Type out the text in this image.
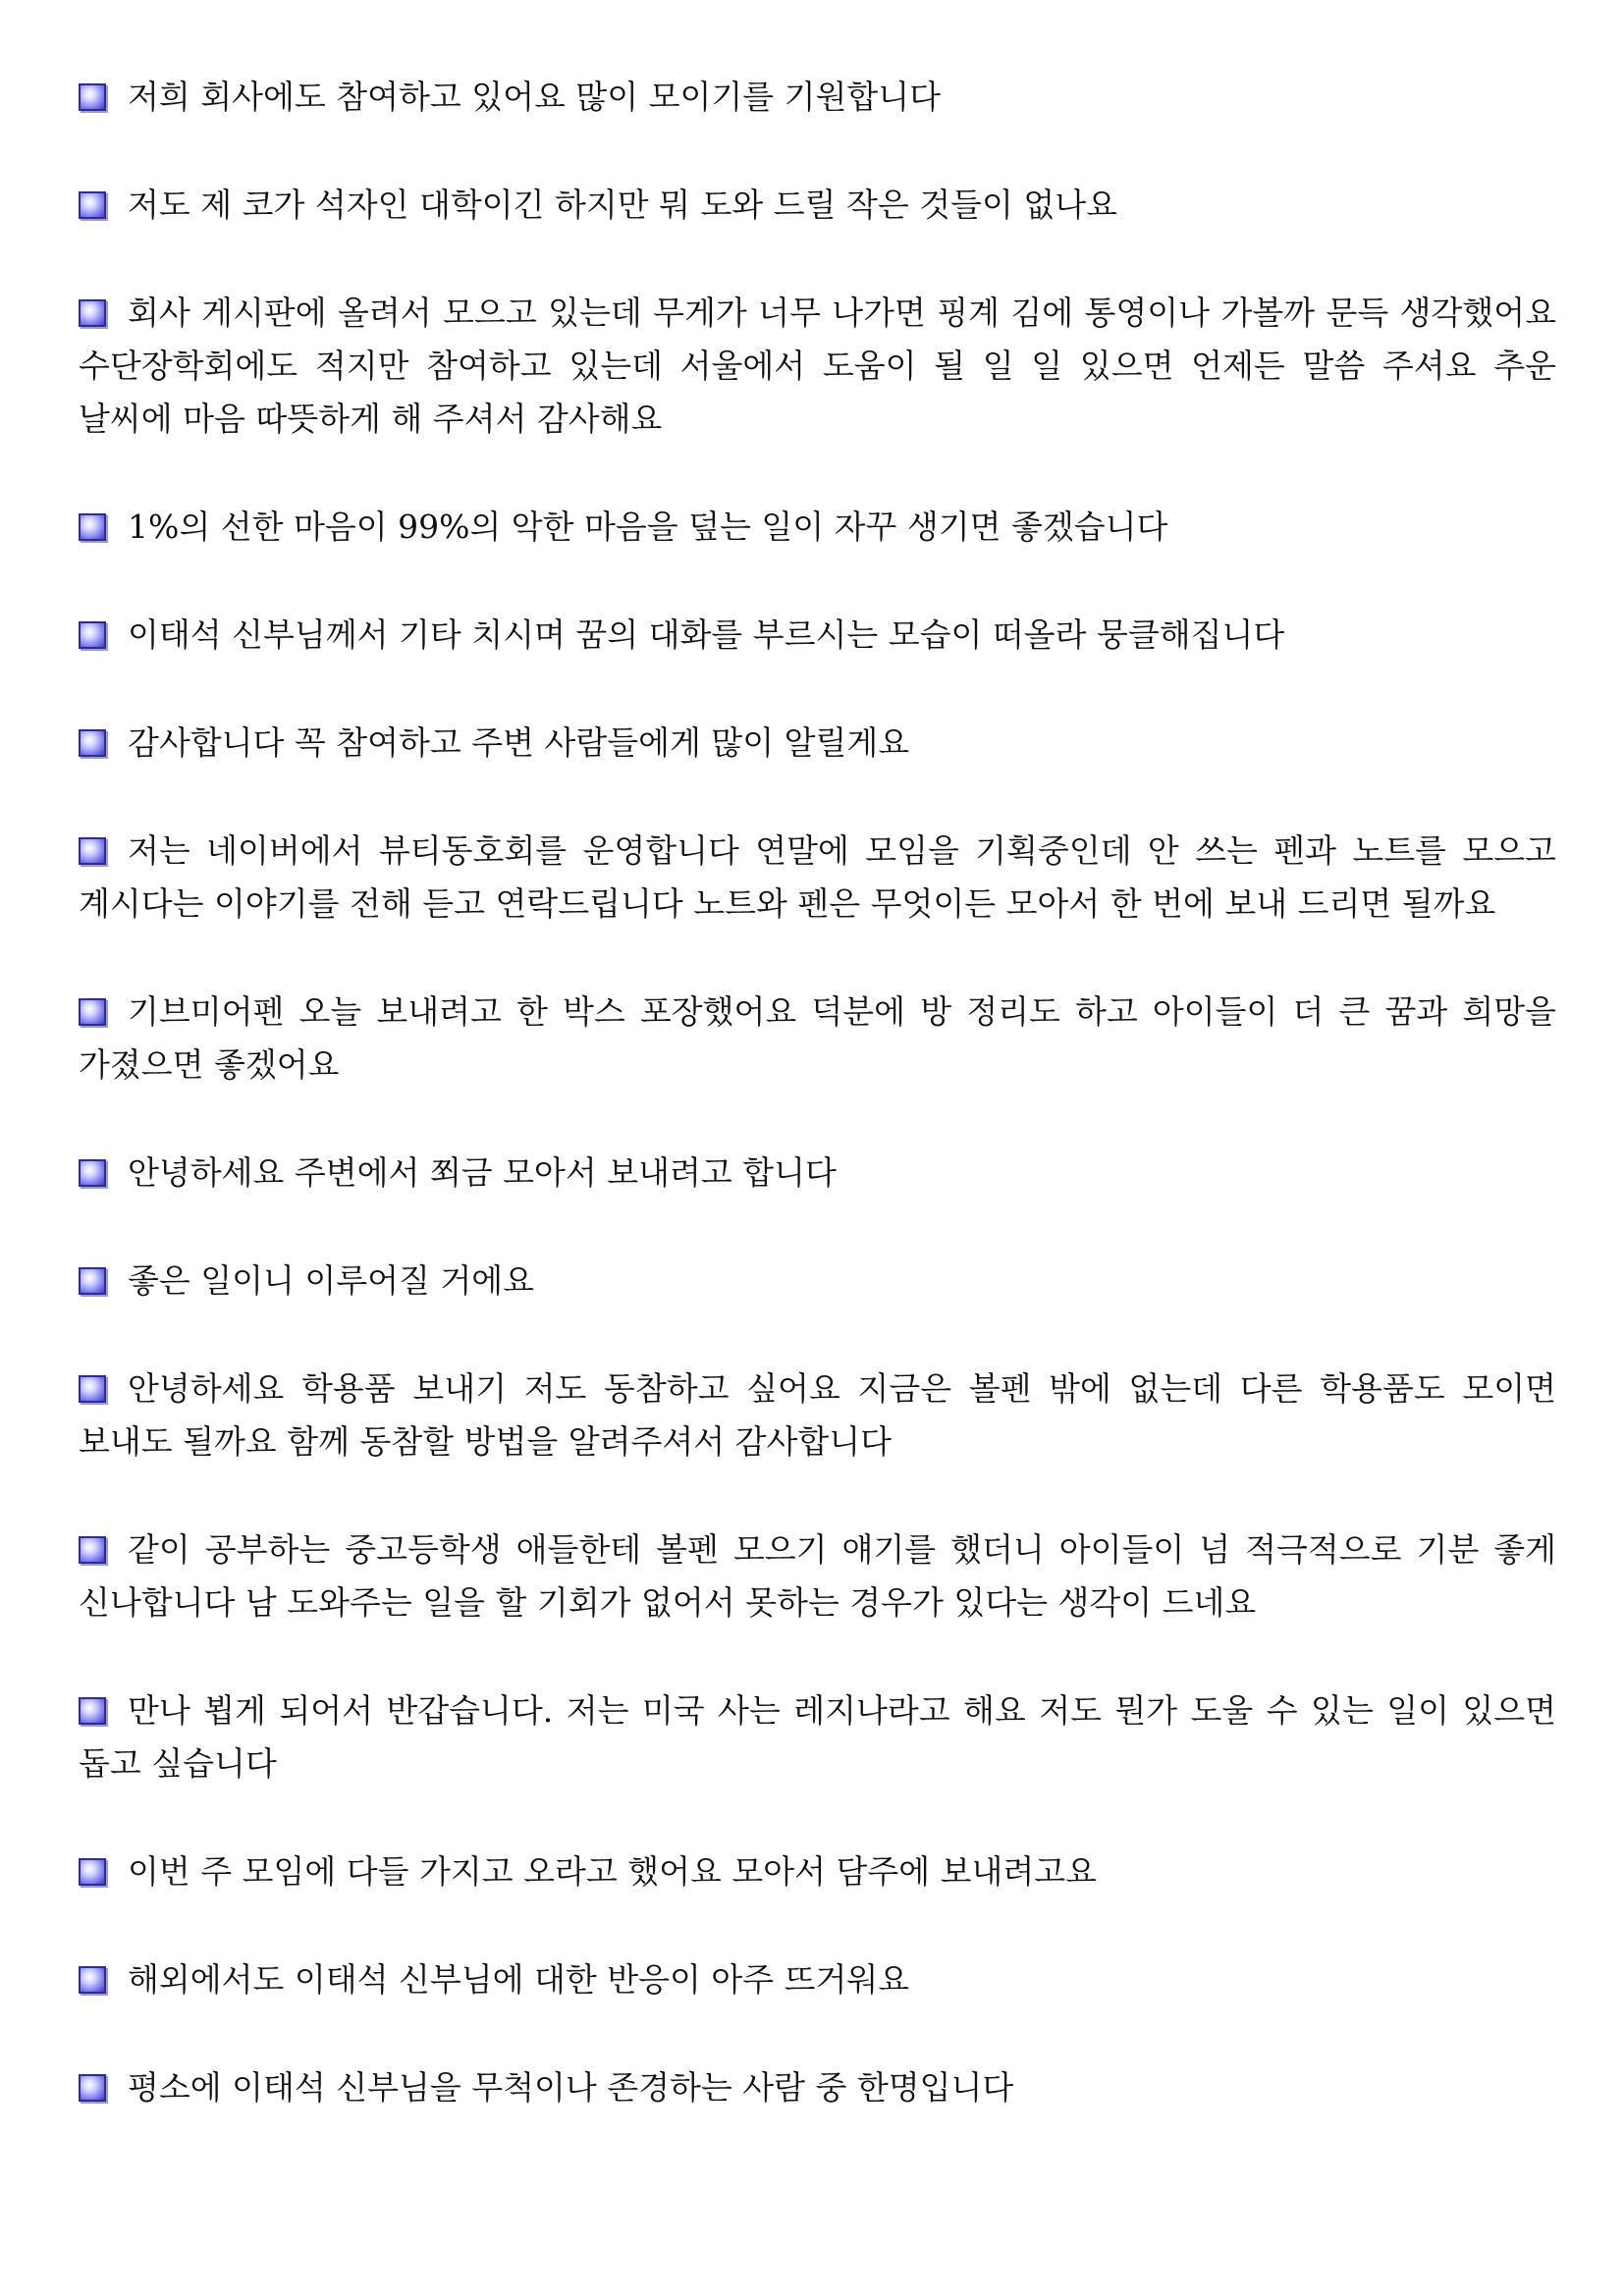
저희 회사에도 참여하고 있어요 많이 모이기를 기원합니다

저도 제 코가 석자인 대학이긴 하지만 뭐 도와 드릴 작은 것들이 없나요

회사 게시판에 올려서 모으고 있는데 무게가 너무 나가면 핑계 김에 통영이나 가볼까 문득 생각했어요 수단장학회에도 적지만 참여하고 있는데 서울에서 도움이 될 일 일 있으면 언제든 말씀 주셔요 추운 날씨에 마음 따뜻하게 해 주셔서 감사해요

1%의 선한 마음이 99%의 악한 마음을 덮는 일이 자꾸 생기면 좋겠습니다

이태석 신부님께서 기타 치시며 꿈의 대화를 부르시는 모습이 떠올라 뭉클해집니다

감사합니다 꼭 참여하고 주변 사람들에게 많이 알릴게요

저는 네이버에서 뷰티동호회를 운영합니다 연말에 모임을 기획중인데 안 쓰는 펜과 노트를 모으고 계시다는 이야기를 전해 듣고 연락드립니다 노트와 펜은 무엇이든 모아서 한 번에 보내 드리면 될까요

기브미어펜 오늘 보내려고 한 박스 포장했어요 덕분에 방 정리도 하고 아이들이 더 큰 꿈과 희망을 가졌으면 좋겠어요

안녕하세요 주변에서 쬐금 모아서 보내려고 합니다

좋은 일이니 이루어질 거에요

안녕하세요 학용품 보내기 저도 동참하고 싶어요 지금은 볼펜 밖에 없는데 다른 학용품도 모이면 보내도 될까요 함께 동참할 방법을 알려주셔서 감사합니다

같이 공부하는 중고등학생 애들한테 볼펜 모으기 얘기를 했더니 아이들이 넘 적극적으로 기분 좋게 신나합니다 남 도와주는 일을 할 기회가 없어서 못하는 경우가 있다는 생각이 드네요

만나 뵙게 되어서 반갑습니다. 저는 미국 사는 레지나라고 해요 저도 뭔가 도울 수 있는 일이 있으면 돕고 싶습니다

이번 주 모임에 다들 가지고 오라고 했어요 모아서 담주에 보내려고요

해외에서도 이태석 신부님에 대한 반응이 아주 뜨거워요

평소에 이태석 신부님을 무척이나 존경하는 사람 중 한명입니다
